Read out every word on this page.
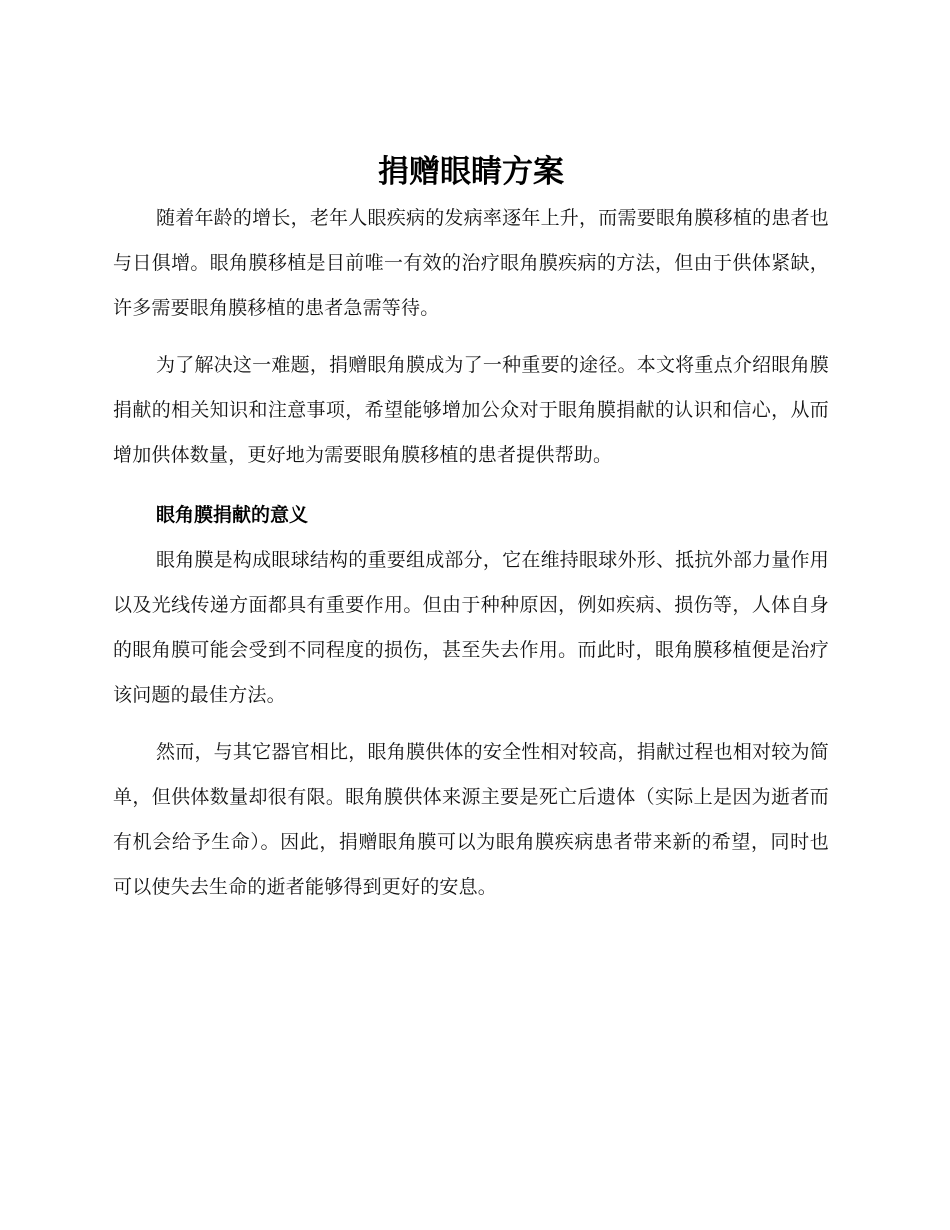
捐赠眼睛方案

随着年龄的增长，老年人眼疾病的发病率逐年上升，而需要眼角膜移植的患者也与日俱增。眼角膜移植是目前唯一有效的治疗眼角膜疾病的方法，但由于供体紧缺，许多需要眼角膜移植的患者急需等待。

为了解决这一难题，捐赠眼角膜成为了一种重要的途径。本文将重点介绍眼角膜捐献的相关知识和注意事项，希望能够增加公众对于眼角膜捐献的认识和信心，从而增加供体数量，更好地为需要眼角膜移植的患者提供帮助。

眼角膜捐献的意义

眼角膜是构成眼球结构的重要组成部分，它在维持眼球外形、抵抗外部力量作用以及光线传递方面都具有重要作用。但由于种种原因，例如疾病、损伤等，人体自身的眼角膜可能会受到不同程度的损伤，甚至失去作用。而此时，眼角膜移植便是治疗该问题的最佳方法。

然而，与其它器官相比，眼角膜供体的安全性相对较高，捐献过程也相对较为简单，但供体数量却很有限。眼角膜供体来源主要是死亡后遗体（实际上是因为逝者而有机会给予生命）。因此，捐赠眼角膜可以为眼角膜疾病患者带来新的希望，同时也可以使失去生命的逝者能够得到更好的安息。
